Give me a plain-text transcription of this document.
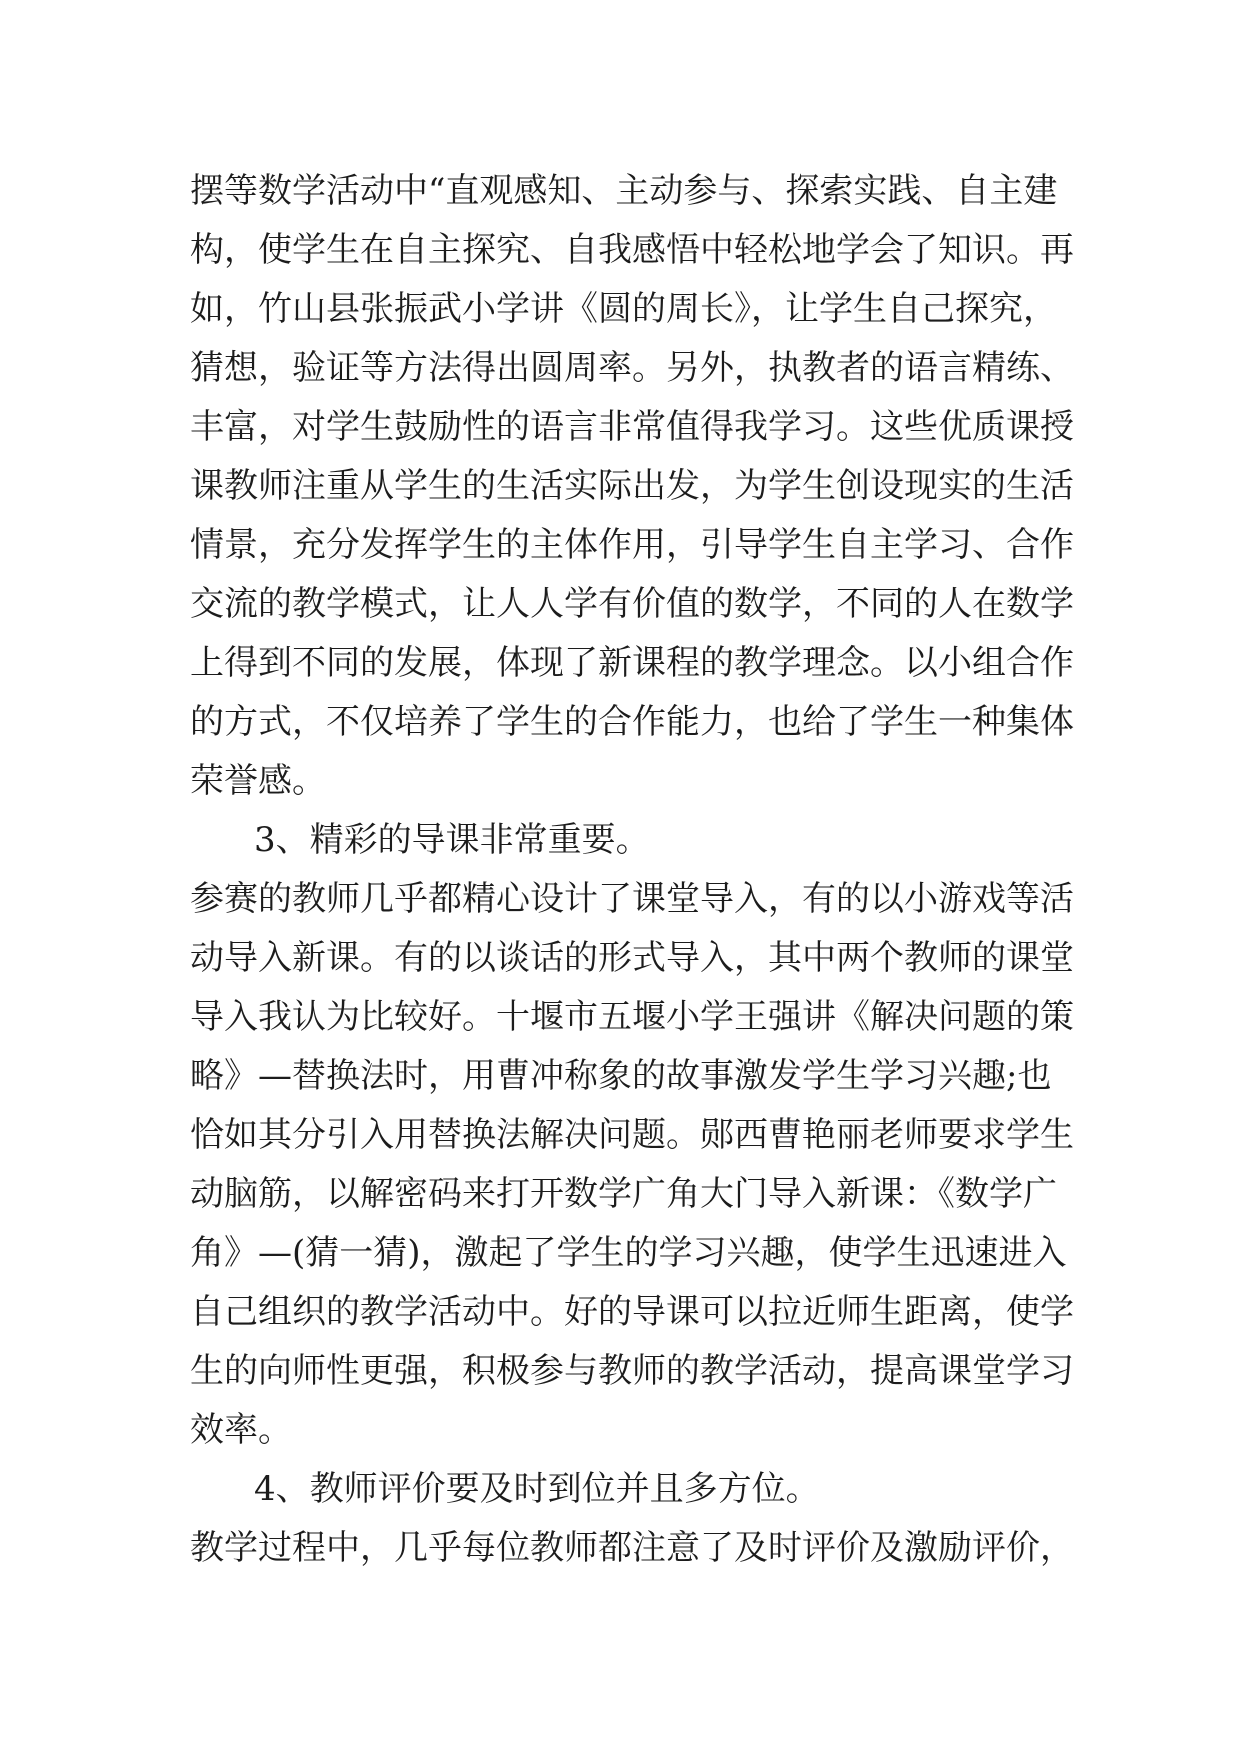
摆等数学活动中“直观感知、主动参与、探索实践、自主建
构，使学生在自主探究、自我感悟中轻松地学会了知识。再
如，竹山县张振武小学讲《圆的周长》，让学生自己探究，
猜想，验证等方法得出圆周率。另外，执教者的语言精练、
丰富，对学生鼓励性的语言非常值得我学习。这些优质课授
课教师注重从学生的生活实际出发，为学生创设现实的生活
情景，充分发挥学生的主体作用，引导学生自主学习、合作
交流的教学模式，让人人学有价值的数学，不同的人在数学
上得到不同的发展，体现了新课程的教学理念。以小组合作
的方式，不仅培养了学生的合作能力，也给了学生一种集体
荣誉感。
3、精彩的导课非常重要。
参赛的教师几乎都精心设计了课堂导入，有的以小游戏等活
动导入新课。有的以谈话的形式导入，其中两个教师的课堂
导入我认为比较好。十堰市五堰小学王强讲《解决问题的策
略》—替换法时，用曹冲称象的故事激发学生学习兴趣;也
恰如其分引入用替换法解决问题。郧西曹艳丽老师要求学生
动脑筋，以解密码来打开数学广角大门导入新课：《数学广
角》—(猜一猜)，激起了学生的学习兴趣，使学生迅速进入
自己组织的教学活动中。好的导课可以拉近师生距离，使学
生的向师性更强，积极参与教师的教学活动，提高课堂学习
效率。
4、教师评价要及时到位并且多方位。
教学过程中，几乎每位教师都注意了及时评价及激励评价，
